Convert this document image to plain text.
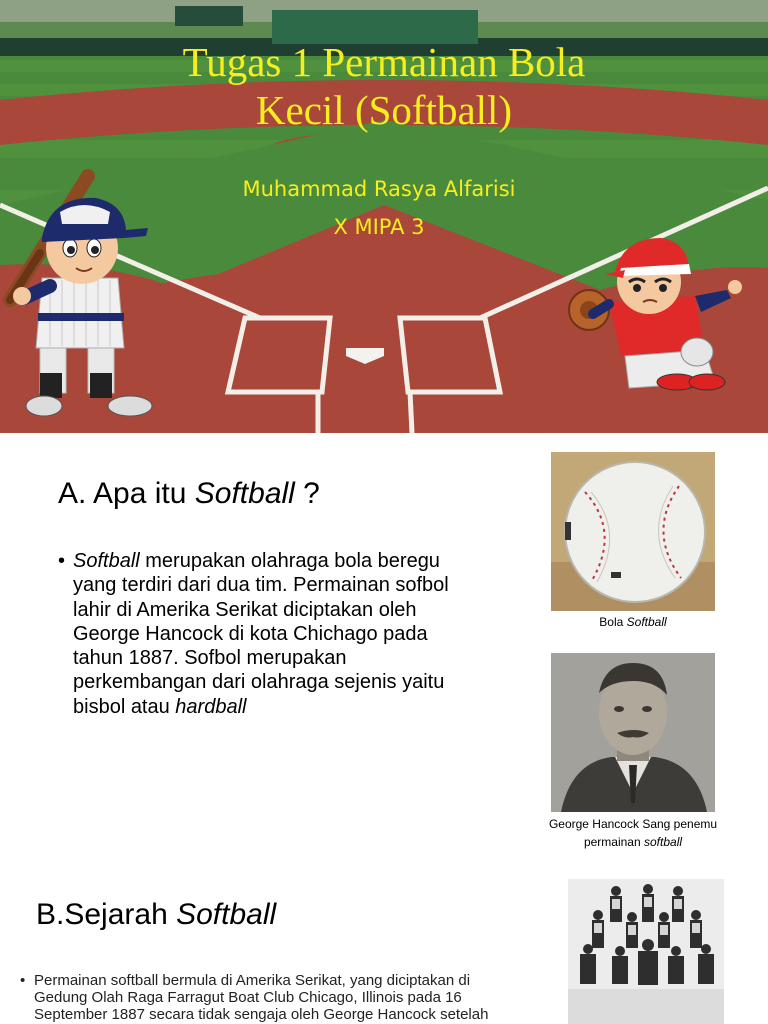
Tugas 1 Permainan Bola
Kecil (Softball)
Muhammad Rasya Alfarisi
X MIPA 3
A. Apa itu Softball ?
• Softball merupakan olahraga bola beregu yang terdiri dari dua tim. Permainan sofbol lahir di Amerika Serikat diciptakan oleh George Hancock di kota Chichago pada tahun 1887. Sofbol merupakan perkembangan dari olahraga sejenis yaitu bisbol atau hardball
Bola Softball
George Hancock Sang penemu
permainan softball
B.Sejarah Softball
• Permainan softball bermula di Amerika Serikat, yang diciptakan di Gedung Olah Raga Farragut Boat Club Chicago, Illinois pada 16 September 1887 secara tidak sengaja oleh George Hancock setelah
